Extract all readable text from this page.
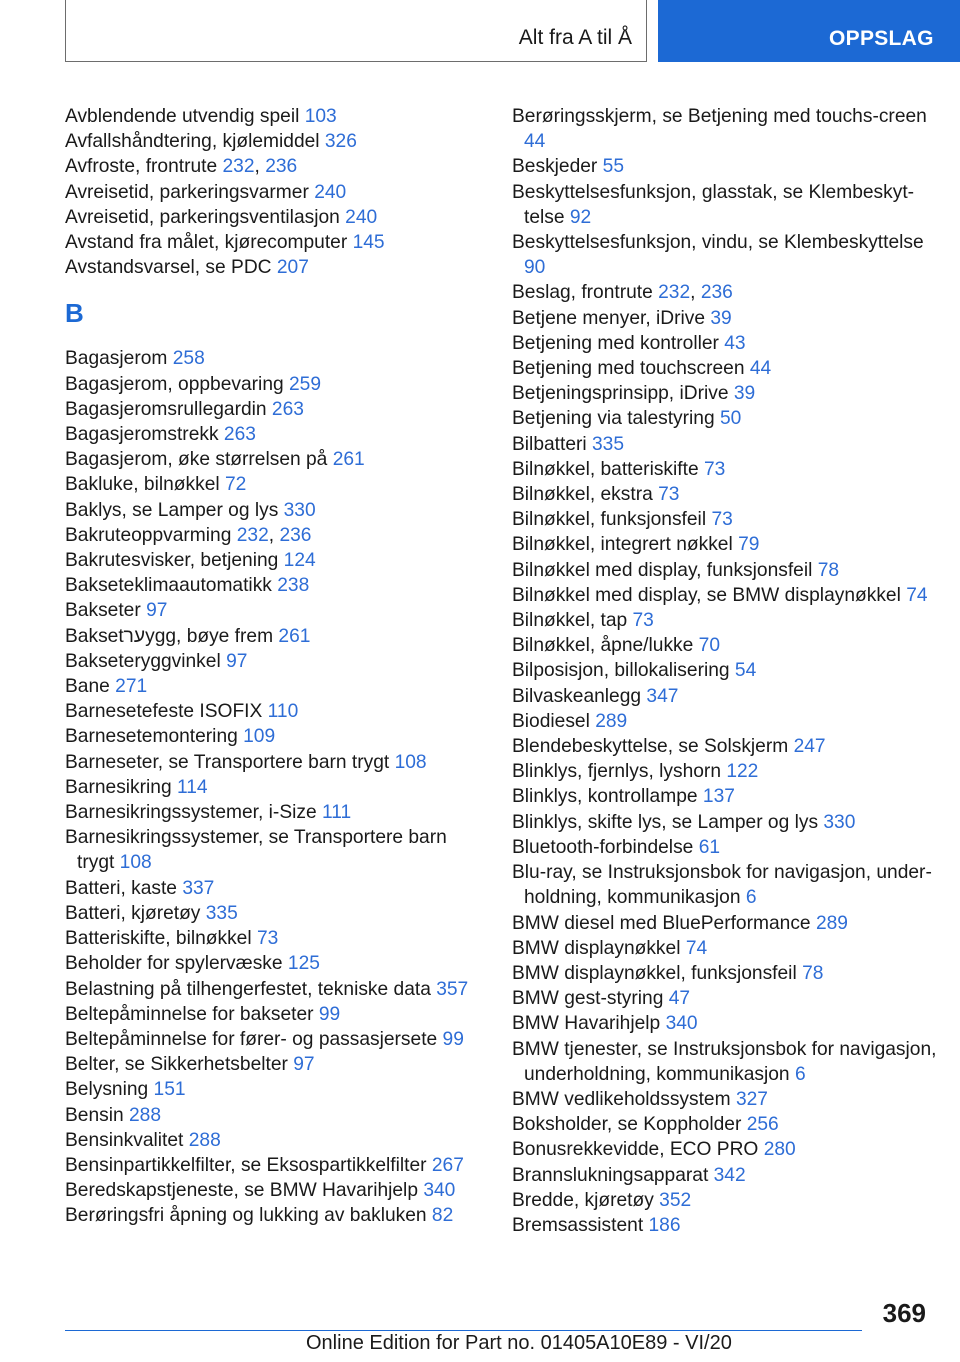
Alt fra A til Å	OPPSLAG
Avblendende utvendig speil 103
Avfallshåndtering, kjølemiddel 326
Avfroste, frontrute 232, 236
Avreisetid, parkeringsvarmer 240
Avreisetid, parkeringsventilasjon 240
Avstand fra målet, kjørecomputer 145
Avstandsvarsel, se PDC 207
B
Bagasjerom 258
Bagasjerom, oppbevaring 259
Bagasjeromsrullegardin 263
Bagasjeromstrekk 263
Bagasjerom, øke størrelsen på 261
Bakluke, bilnøkkel 72
Baklys, se Lamper og lys 330
Bakruteoppvarming 232, 236
Bakrutesvisker, betjening 124
Bakseteklimaautomatikk 238
Bakseter 97
Baksetערygg, bøye frem 261
Bakseteryggvinkel 97
Bane 271
Barnesetefeste ISOFIX 110
Barnesetemontering 109
Barneseter, se Transportere barn trygt 108
Barnesikring 114
Barnesikringssystemer, i-Size 111
Barnesikringssystemer, se Transportere barn trygt 108
Batteri, kaste 337
Batteri, kjøretøy 335
Batteriskifte, bilnøkkel 73
Beholder for spylervæske 125
Belastning på tilhengerfestet, tekniske data 357
Beltepåminnelse for bakseter 99
Beltepåminnelse for fører- og passasjersete 99
Belter, se Sikkerhetsbelter 97
Belysning 151
Bensin 288
Bensinkvalitet 288
Bensinpartikkelfilter, se Eksospartikkelfilter 267
Beredskapstjeneste, se BMW Havarihjelp 340
Berøringsfri åpning og lukking av bakluken 82
Berøringsskjerm, se Betjening med touchs-creen 44
Beskjeder 55
Beskyttelsesfunksjon, glasstak, se Klembeskyttelse 92
Beskyttelsesfunksjon, vindu, se Klembeskyttelse 90
Beslag, frontrute 232, 236
Betjene menyer, iDrive 39
Betjening med kontroller 43
Betjening med touchscreen 44
Betjeningsprinsipp, iDrive 39
Betjening via talestyring 50
Bilbatteri 335
Bilnøkkel, batteriskifte 73
Bilnøkkel, ekstra 73
Bilnøkkel, funksjonsfeil 73
Bilnøkkel, integrert nøkkel 79
Bilnøkkel med display, funksjonsfeil 78
Bilnøkkel med display, se BMW displaynøkkel 74
Bilnøkkel, tap 73
Bilnøkkel, åpne/lukke 70
Bilposisjon, billokalisering 54
Bilvaskeanlegg 347
Biodiesel 289
Blendebeskyttelse, se Solskjerm 247
Blinklys, fjernlys, lyshorn 122
Blinklys, kontrollampe 137
Blinklys, skifte lys, se Lamper og lys 330
Bluetooth-forbindelse 61
Blu-ray, se Instruksjonsbok for navigasjon, underholdning, kommunikasjon 6
BMW diesel med BluePerformance 289
BMW displaynøkkel 74
BMW displaynøkkel, funksjonsfeil 78
BMW gest-styring 47
BMW Havarihjelp 340
BMW tjenester, se Instruksjonsbok for navigasjon, underholdning, kommunikasjon 6
BMW vedlikeholdssystem 327
Boksholder, se Koppholder 256
Bonusrekkevidde, ECO PRO 280
Brannslukningsapparat 342
Bredde, kjøretøy 352
Bremsassistent 186
369
Online Edition for Part no. 01405A10E89 - VI/20
